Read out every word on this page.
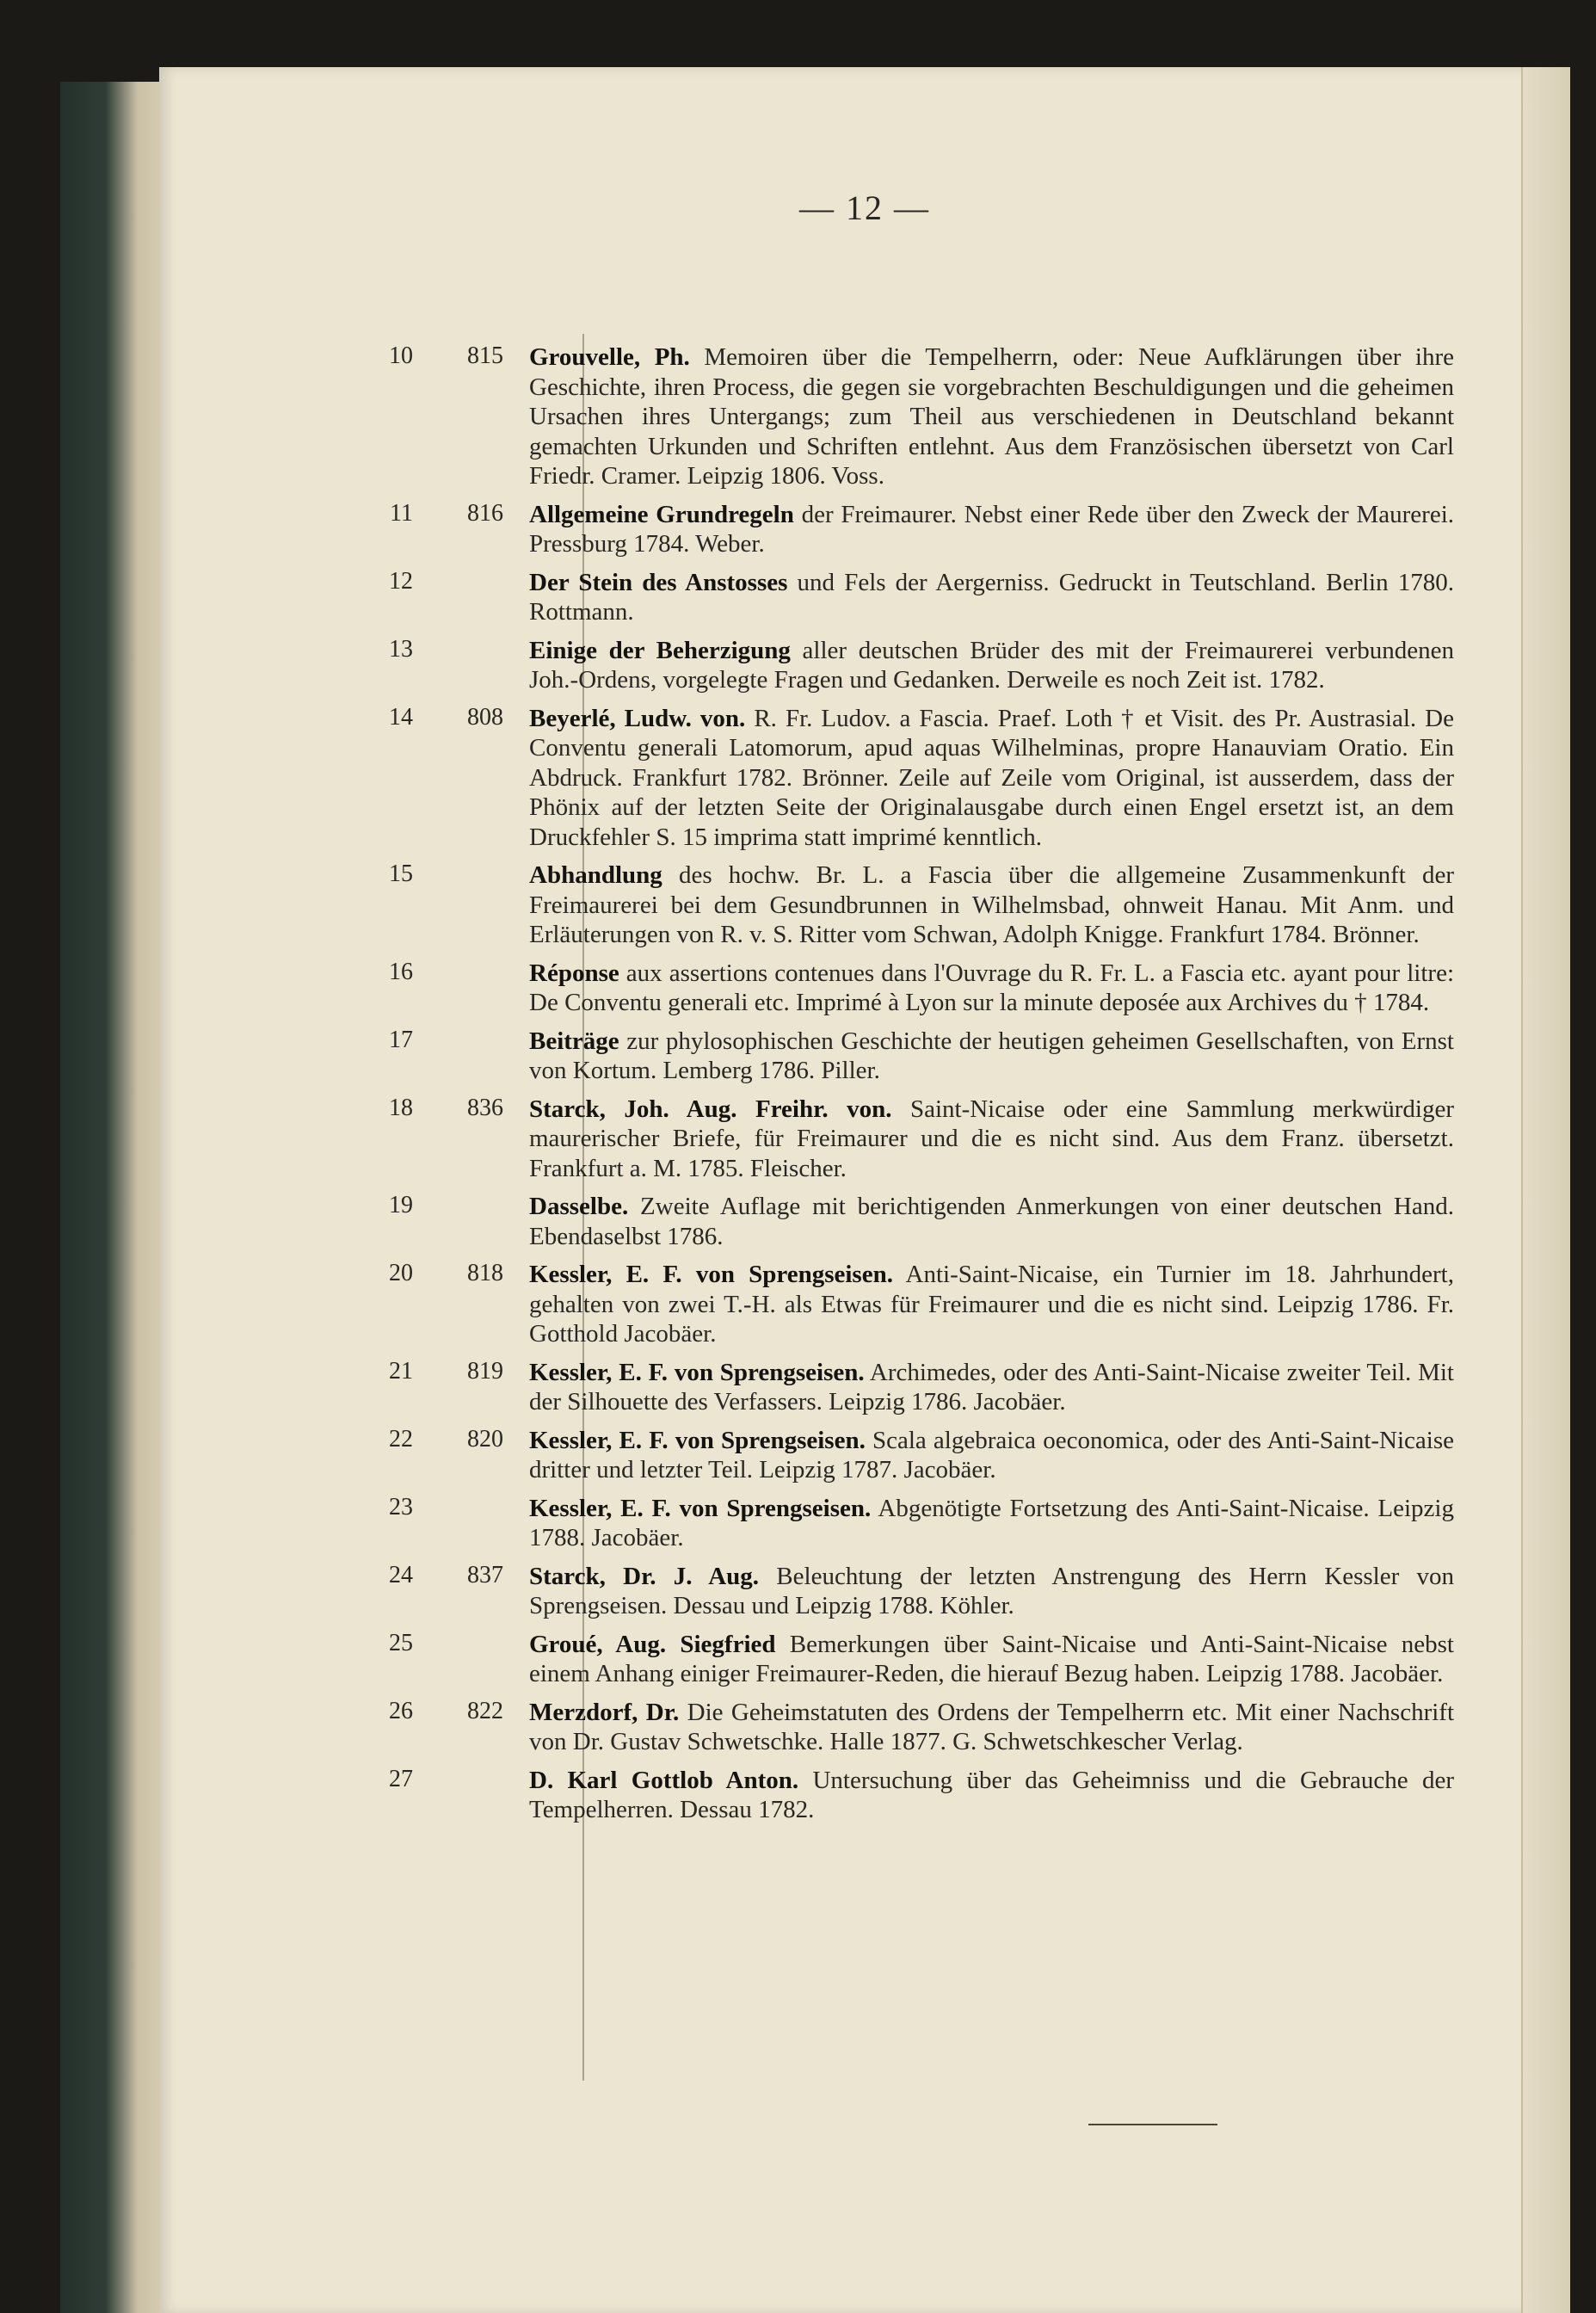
— 12 —
10	815 Grouvelle, Ph. Memoiren über die Tempelherrn, oder: Neue Aufklärungen über ihre Geschichte, ihren Process, die gegen sie vorgebrachten Beschuldigungen und die geheimen Ursachen ihres Untergangs; zum Theil aus verschiedenen in Deutschland bekannt gemachten Urkunden und Schriften entlehnt. Aus dem Französischen übersetzt von Carl Friedr. Cramer. Leipzig 1806. Voss.
11	816 Allgemeine Grundregeln der Freimaurer. Nebst einer Rede über den Zweck der Maurerei. Pressburg 1784. Weber.
12	Der Stein des Anstosses und Fels der Aergerniss. Gedruckt in Teutschland. Berlin 1780. Rottmann.
13	Einige der Beherzigung aller deutschen Brüder des mit der Freimaurerei verbundenen Joh.-Ordens, vorgelegte Fragen und Gedanken. Derweile es noch Zeit ist. 1782.
14	808 Beyerlé, Ludw. von. R. Fr. Ludov. a Fascia. Praef. Loth † et Visit. des Pr. Austrasial. De Conventu generali Latomorum, apud aquas Wilhelminas, propre Hanauviam Oratio. Ein Abdruck. Frankfurt 1782. Brönner. Zeile auf Zeile vom Original, ist ausserdem, dass der Phönix auf der letzten Seite der Originalausgabe durch einen Engel ersetzt ist, an dem Druckfehler S. 15 imprima statt imprimé kenntlich.
15	Abhandlung des hochw. Br. L. a Fascia über die allgemeine Zusammenkunft der Freimaurerei bei dem Gesundbrunnen in Wilhelmsbad, ohnweit Hanau. Mit Anm. und Erläuterungen von R. v. S. Ritter vom Schwan, Adolph Knigge. Frankfurt 1784. Brönner.
16	Réponse aux assertions contenues dans l'Ouvrage du R. Fr. L. a Fascia etc. ayant pour litre: De Conventu generali etc. Imprimé à Lyon sur la minute deposée aux Archives du † 1784.
17	Beiträge zur phylosophischen Geschichte der heutigen geheimen Gesellschaften, von Ernst von Kortum. Lemberg 1786. Piller.
18	836 Starck, Joh. Aug. Freihr. von. Saint-Nicaise oder eine Sammlung merkwürdiger maurerischer Briefe, für Freimaurer und die es nicht sind. Aus dem Franz. übersetzt. Frankfurt a. M. 1785. Fleischer.
19	Dasselbe. Zweite Auflage mit berichtigenden Anmerkungen von einer deutschen Hand. Ebendaselbst 1786.
20	818 Kessler, E. F. von Sprengseisen. Anti-Saint-Nicaise, ein Turnier im 18. Jahrhundert, gehalten von zwei T.-H. als Etwas für Freimaurer und die es nicht sind. Leipzig 1786. Fr. Gotthold Jacobäer.
21	819 Kessler, E. F. von Sprengseisen. Archimedes, oder des Anti-Saint-Nicaise zweiter Teil. Mit der Silhouette des Verfassers. Leipzig 1786. Jacobäer.
22	820 Kessler, E. F. von Sprengseisen. Scala algebraica oeconomica, oder des Anti-Saint-Nicaise dritter und letzter Teil. Leipzig 1787. Jacobäer.
23	Kessler, E. F. von Sprengseisen. Abgenötigte Fortsetzung des Anti-Saint-Nicaise. Leipzig 1788. Jacobäer.
24	837 Starck, Dr. J. Aug. Beleuchtung der letzten Anstrengung des Herrn Kessler von Sprengseisen. Dessau und Leipzig 1788. Köhler.
25	Groué, Aug. Siegfried Bemerkungen über Saint-Nicaise und Anti-Saint-Nicaise nebst einem Anhang einiger Freimaurer-Reden, die hierauf Bezug haben. Leipzig 1788. Jacobäer.
26	822 Merzdorf, Dr. Die Geheimstatuten des Ordens der Tempelherrn etc. Mit einer Nachschrift von Dr. Gustav Schwetschke. Halle 1877. G. Schwetschkescher Verlag.
27	D. Karl Gottlob Anton. Untersuchung über das Geheimniss und die Gebrauche der Tempelherren. Dessau 1782.
